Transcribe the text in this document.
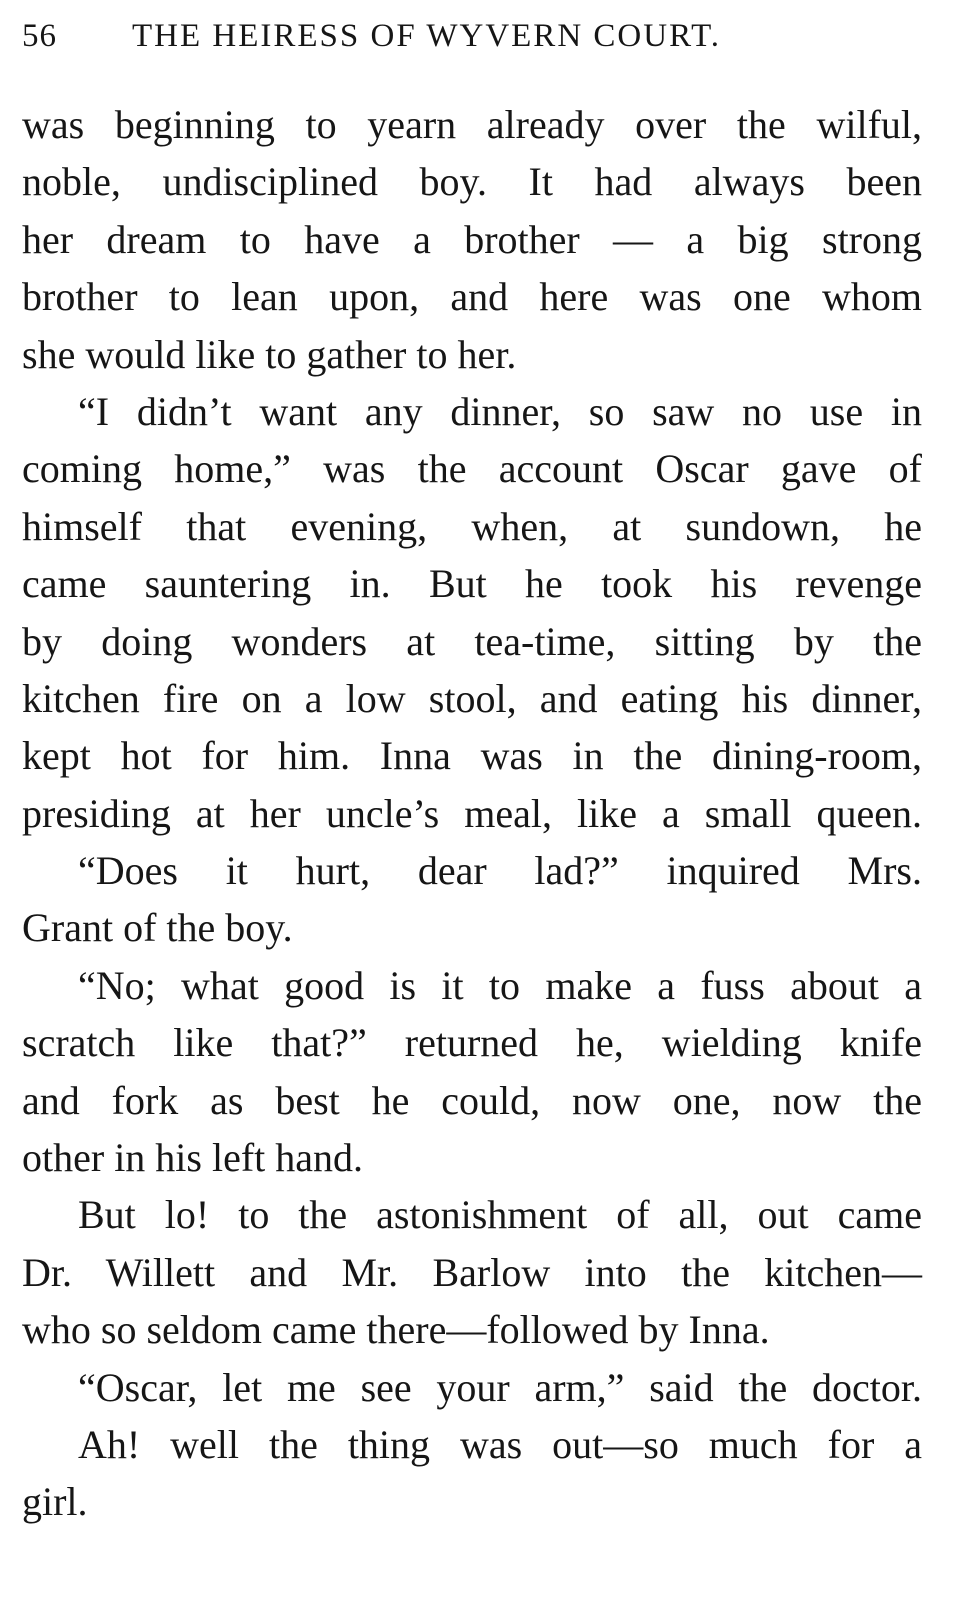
56 THE HEIRESS OF WYVERN COURT.
was beginning to yearn already over the wilful,
noble, undisciplined boy. It had always been
her dream to have a brother — a big strong
brother to lean upon, and here was one whom
she would like to gather to her.
“I didn’t want any dinner, so saw no use in
coming home,” was the account Oscar gave of
himself that evening, when, at sundown, he
came sauntering in. But he took his revenge
by doing wonders at tea-time, sitting by the
kitchen fire on a low stool, and eating his dinner,
kept hot for him. Inna was in the dining-room,
presiding at her uncle’s meal, like a small queen.
“Does it hurt, dear lad?” inquired Mrs.
Grant of the boy.
“No; what good is it to make a fuss about a
scratch like that?” returned he, wielding knife
and fork as best he could, now one, now the
other in his left hand.
But lo! to the astonishment of all, out came
Dr. Willett and Mr. Barlow into the kitchen—
who so seldom came there—followed by Inna.
“Oscar, let me see your arm,” said the doctor.
Ah! well the thing was out—so much for a
girl.
